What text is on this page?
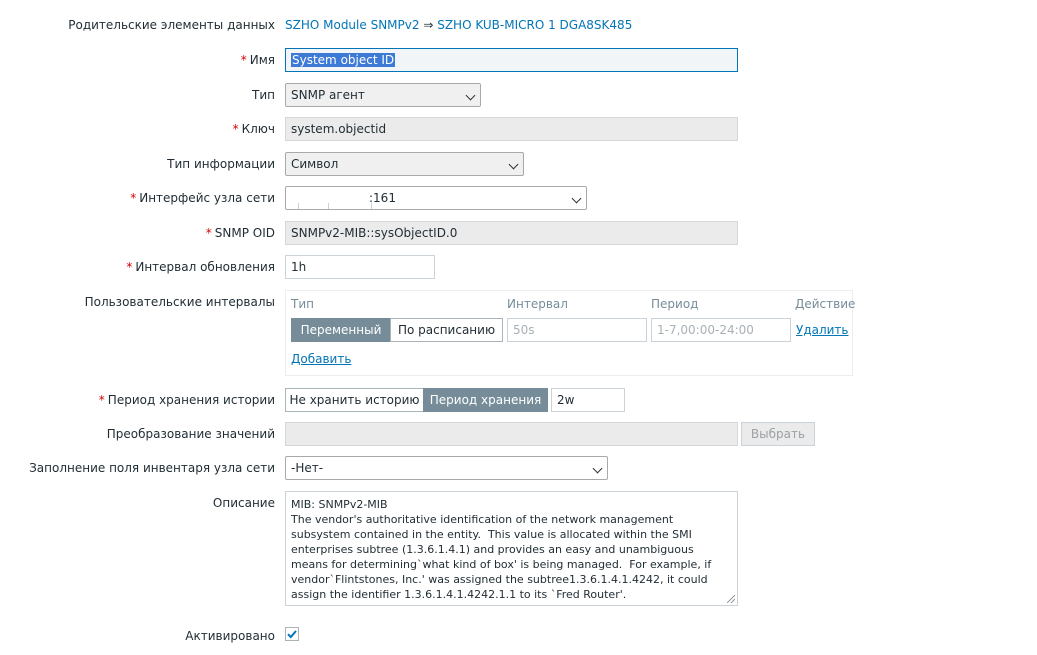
Родительские элементы данных SZHO Module SNMPv2 ⇒ SZHO KUB-MICRO 1 DGA8SK485
* Имя	System object ID
Тип	SNMP агент
* Ключ	system.objectid
Тип информации	Символ
* Интерфейс узла сети	:161
* SNMP OID	SNMPv2-MIB::sysObjectID.0
* Интервал обновления	1h
Пользовательские интервалы Тип	Интервал	Период	Действие
Переменный	По расписанию	50s	1-7,00:00-24:00	Удалить
Добавить
* Период хранения истории	Не хранить историю Период хранения	2w
Преобразование значений	Выбрать
Заполнение поля инвентаря узла сети	-Нет-
Описание
MIB: SNMPv2-MIB The vendor's authoritative identification of the network management subsystem contained in the entity. This value is allocated within the SMI enterprises subtree (1.3.6.1.4.1) and provides an easy and unambiguous means for determining`what kind of box' is being managed. For example, if vendor`Flintstones, Inc.' was assigned the subtree1.3.6.1.4.1.4242, it could assign the identifier 1.3.6.1.4.1.4242.1.1 to its `Fred Router'.
Активировано
